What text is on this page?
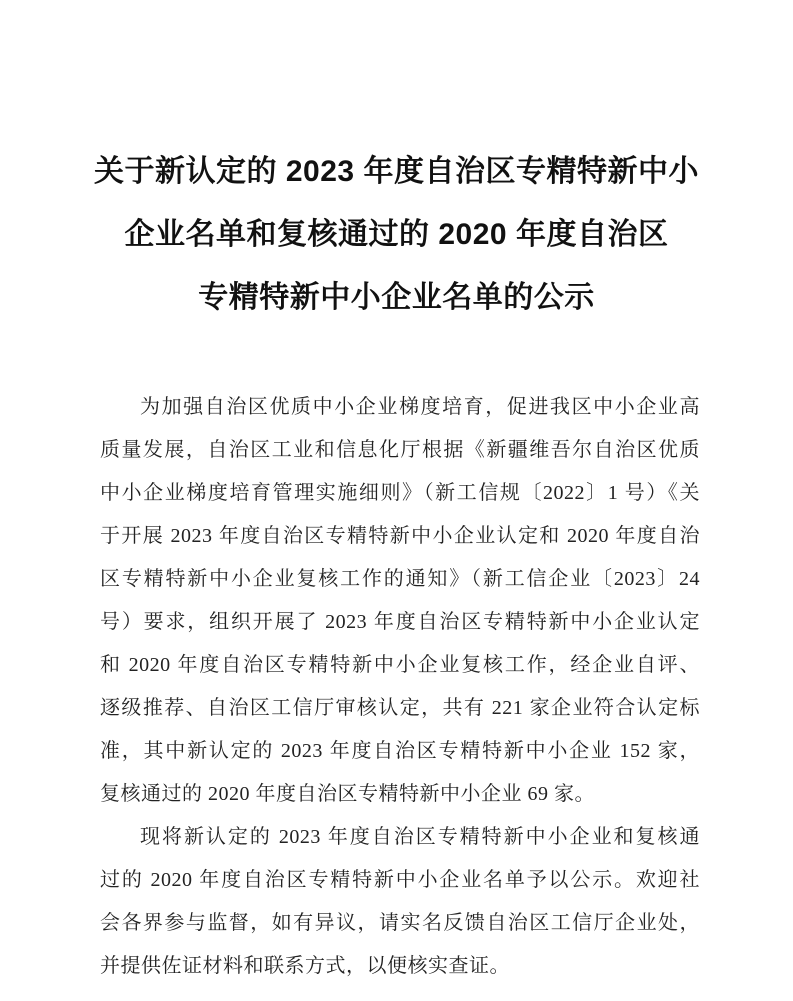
关于新认定的 2023 年度自治区专精特新中小
企业名单和复核通过的 2020 年度自治区
专精特新中小企业名单的公示
为加强自治区优质中小企业梯度培育，促进我区中小企业高
质量发展，自治区工业和信息化厅根据《新疆维吾尔自治区优质
中小企业梯度培育管理实施细则》（新工信规〔2022〕1 号）《关
于开展 2023 年度自治区专精特新中小企业认定和 2020 年度自治
区专精特新中小企业复核工作的通知》（新工信企业〔2023〕24
号）要求，组织开展了 2023 年度自治区专精特新中小企业认定
和 2020 年度自治区专精特新中小企业复核工作，经企业自评、
逐级推荐、自治区工信厅审核认定，共有 221 家企业符合认定标
准，其中新认定的 2023 年度自治区专精特新中小企业 152 家，
复核通过的 2020 年度自治区专精特新中小企业 69 家。
现将新认定的 2023 年度自治区专精特新中小企业和复核通
过的 2020 年度自治区专精特新中小企业名单予以公示。欢迎社
会各界参与监督，如有异议，请实名反馈自治区工信厅企业处，
并提供佐证材料和联系方式，以便核实查证。
